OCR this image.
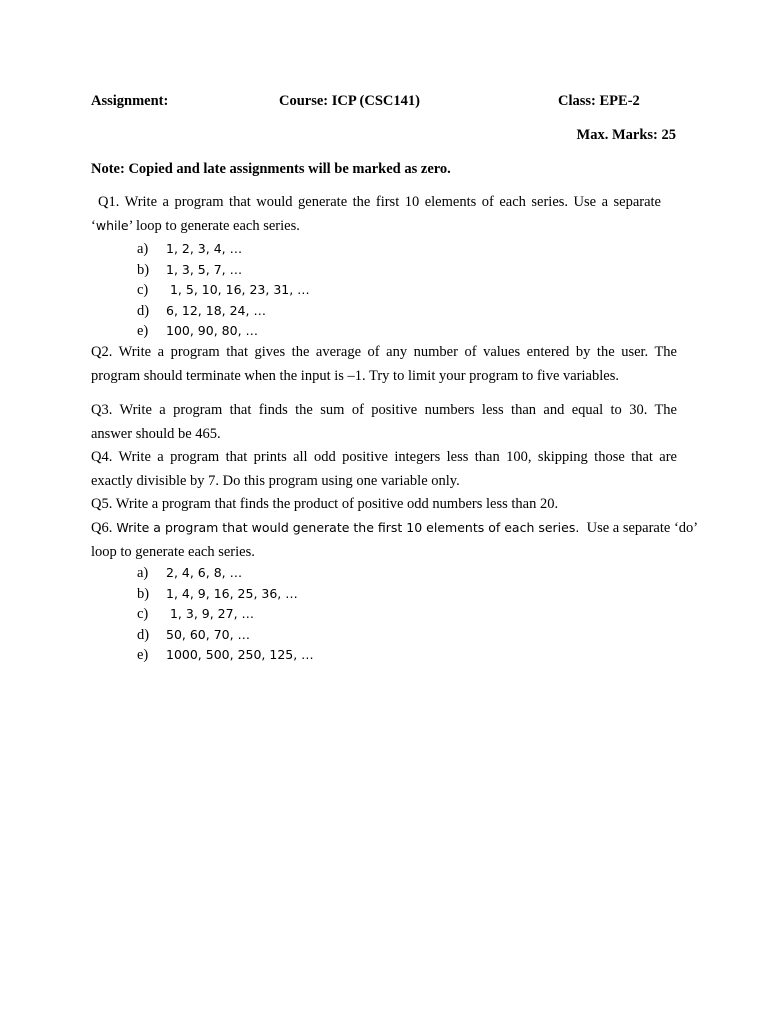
Assignment:	Course: ICP (CSC141)	Class: EPE-2
Max. Marks: 25
Note: Copied and late assignments will be marked as zero.
Q1. Write a program that would generate the first 10 elements of each series. Use a separate
‘while’ loop to generate each series.
a) 1, 2, 3, 4, …
b) 1, 3, 5, 7, …
c) 1, 5, 10, 16, 23, 31, …
d) 6, 12, 18, 24, …
e) 100, 90, 80, …
Q2. Write a program that gives the average of any number of values entered by the user. The
program should terminate when the input is –1. Try to limit your program to five variables.
Q3. Write a program that finds the sum of positive numbers less than and equal to 30. The
answer should be 465.
Q4. Write a program that prints all odd positive integers less than 100, skipping those that are
exactly divisible by 7. Do this program using one variable only.
Q5. Write a program that finds the product of positive odd numbers less than 20.
Q6. Write a program that would generate the first 10 elements of each series.  Use a separate ‘do’
loop to generate each series.
a) 2, 4, 6, 8, …
b) 1, 4, 9, 16, 25, 36, …
c) 1, 3, 9, 27, …
d) 50, 60, 70, …
e) 1000, 500, 250, 125, …
